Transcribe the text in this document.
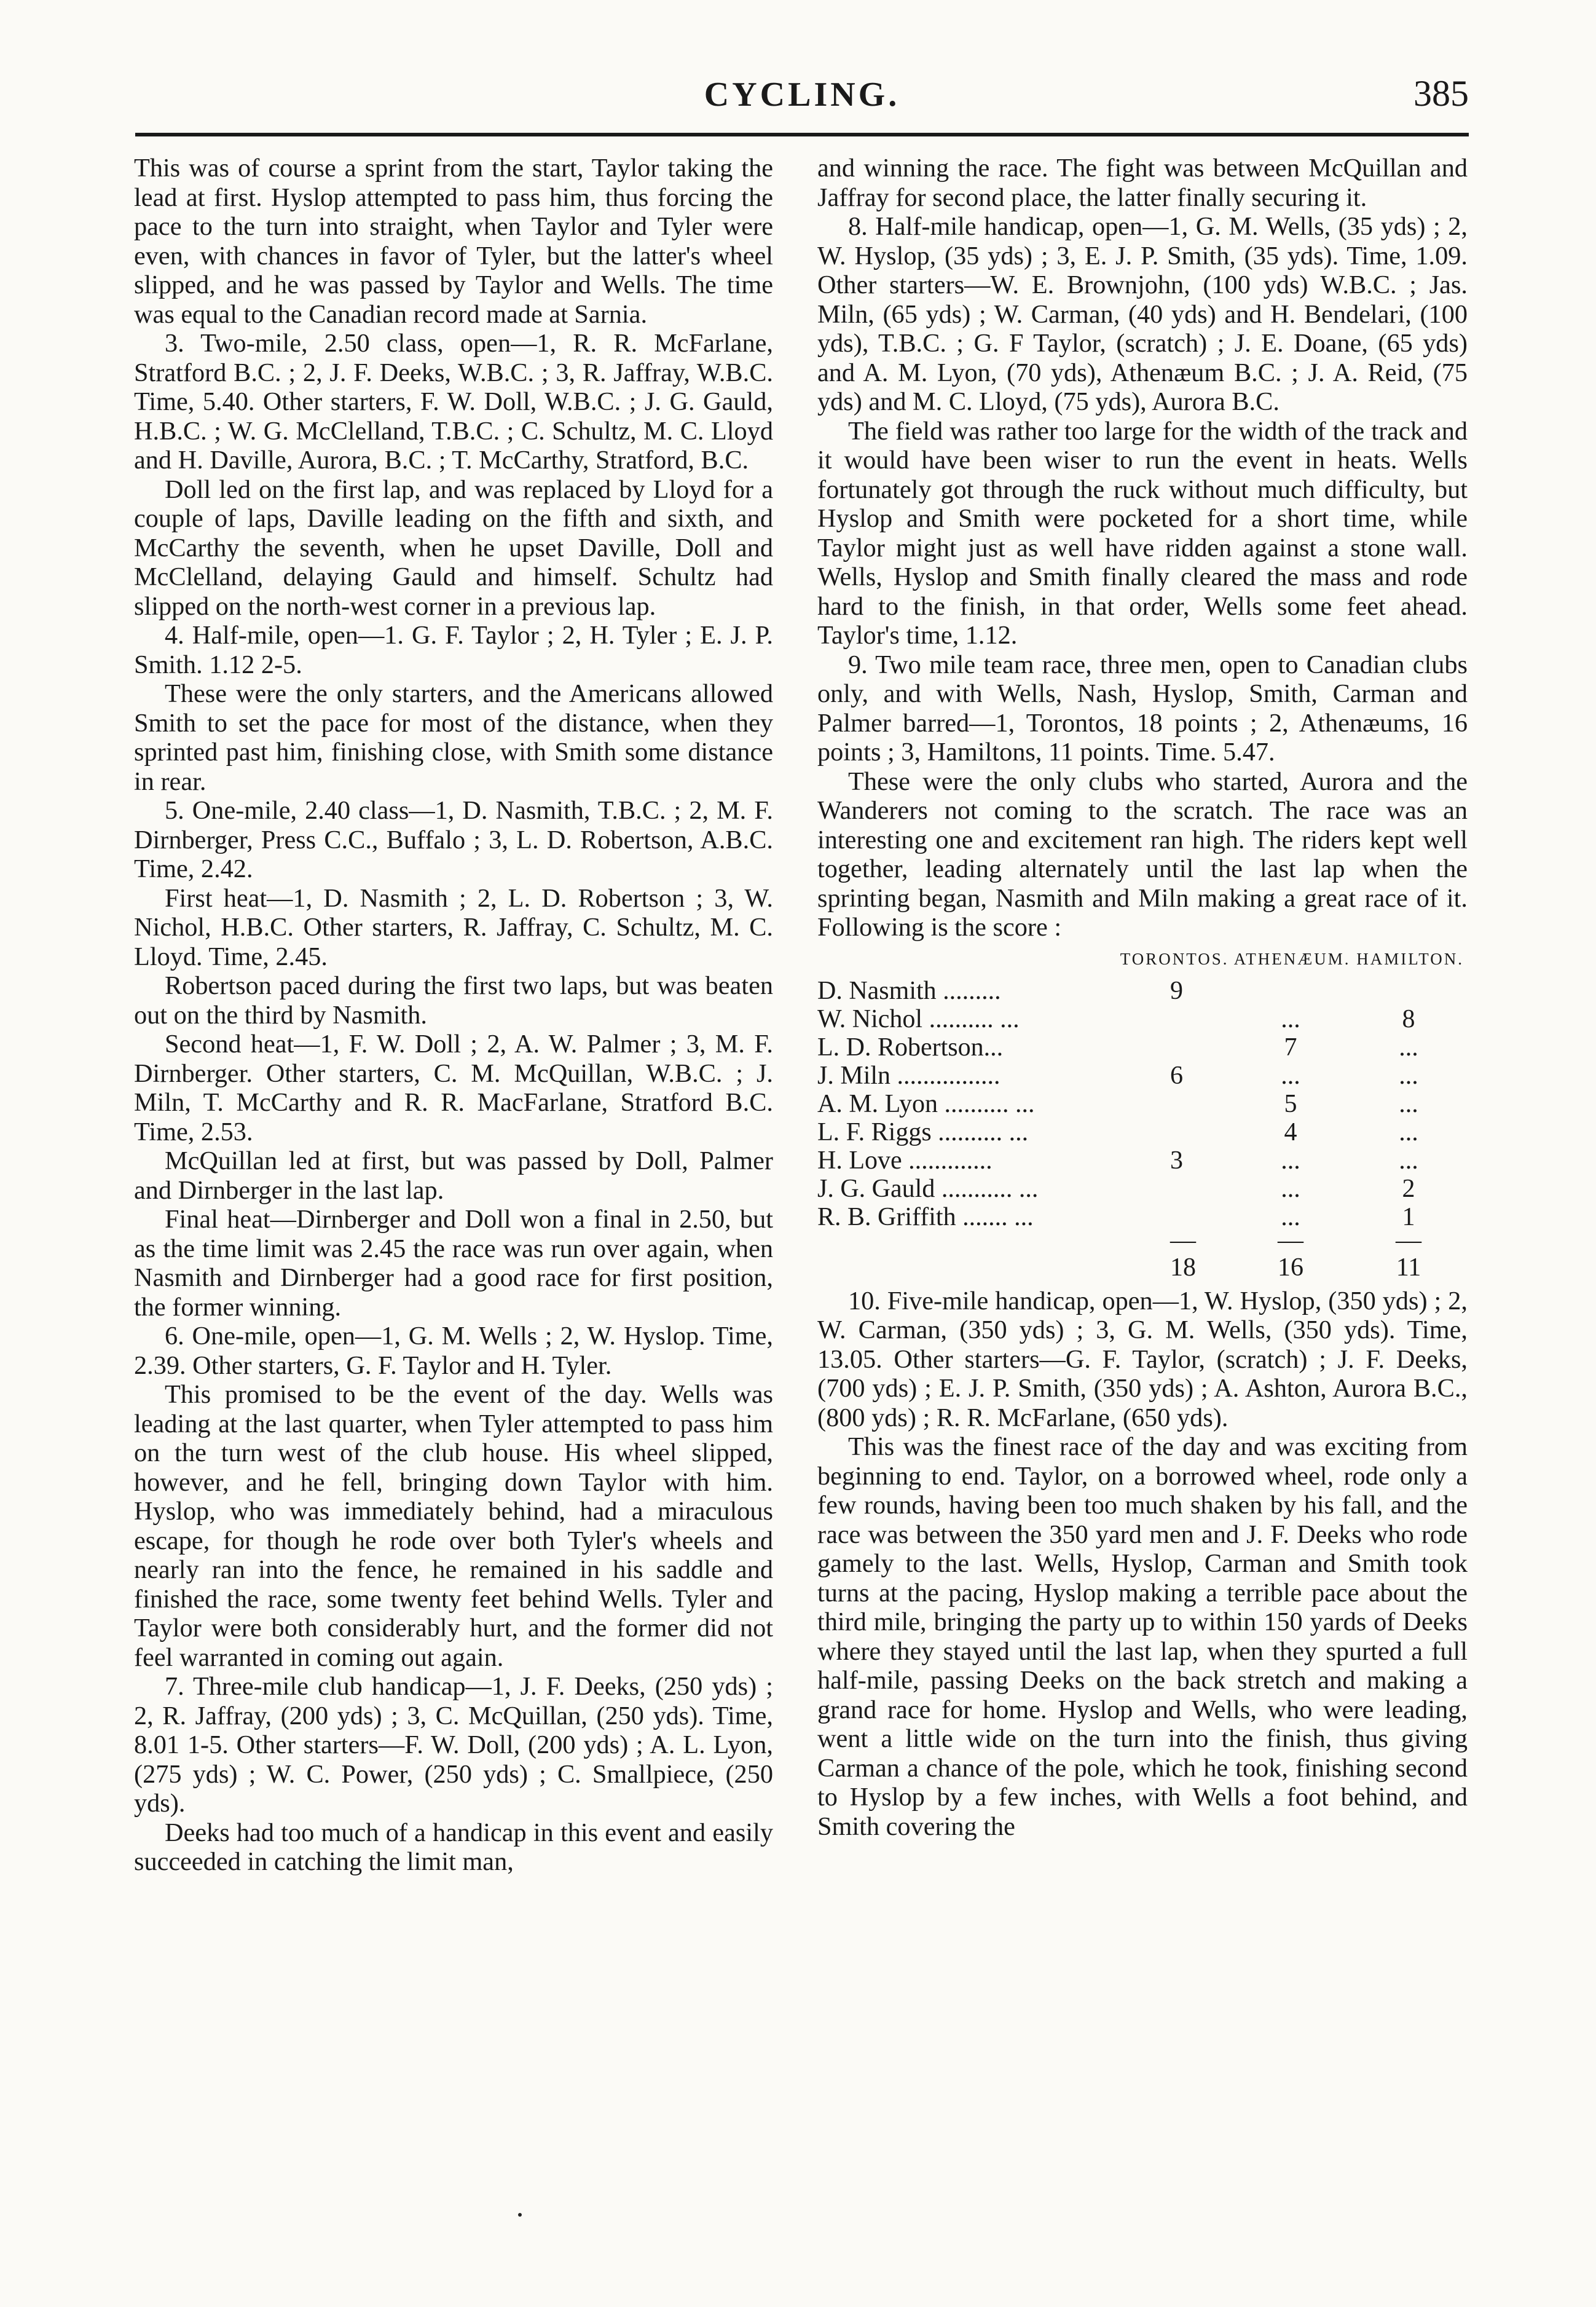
CYCLING.	385

This was of course a sprint from the start, Taylor taking the lead at first. Hyslop attempted to pass him, thus forcing the pace to the turn into straight, when Taylor and Tyler were even, with chances in favor of Tyler, but the latter's wheel slipped, and he was passed by Taylor and Wells. The time was equal to the Canadian record made at Sarnia.

3. Two-mile, 2.50 class, open—1, R. R. McFarlane, Stratford B.C. ; 2, J. F. Deeks, W.B.C. ; 3, R. Jaffray, W.B.C. Time, 5.40. Other starters, F. W. Doll, W.B.C. ; J. G. Gauld, H.B.C. ; W. G. McClelland, T.B.C. ; C. Schultz, M. C. Lloyd and H. Daville, Aurora, B.C. ; T. McCarthy, Stratford, B.C.

Doll led on the first lap, and was replaced by Lloyd for a couple of laps, Daville leading on the fifth and sixth, and McCarthy the seventh, when he upset Daville, Doll and McClelland, delaying Gauld and himself. Schultz had slipped on the north-west corner in a previous lap.

4. Half-mile, open—1. G. F. Taylor ; 2, H. Tyler ; E. J. P. Smith. 1.12 2-5.

These were the only starters, and the Americans allowed Smith to set the pace for most of the distance, when they sprinted past him, finishing close, with Smith some distance in rear.

5. One-mile, 2.40 class—1, D. Nasmith, T.B.C. ; 2, M. F. Dirnberger, Press C.C., Buffalo ; 3, L. D. Robertson, A.B.C. Time, 2.42.

First heat—1, D. Nasmith ; 2, L. D. Robertson ; 3, W. Nichol, H.B.C. Other starters, R. Jaffray, C. Schultz, M. C. Lloyd. Time, 2.45.

Robertson paced during the first two laps, but was beaten out on the third by Nasmith.

Second heat—1, F. W. Doll ; 2, A. W. Palmer ; 3, M. F. Dirnberger. Other starters, C. M. McQuillan, W.B.C. ; J. Miln, T. McCarthy and R. R. MacFarlane, Stratford B.C. Time, 2.53.

McQuillan led at first, but was passed by Doll, Palmer and Dirnberger in the last lap.

Final heat—Dirnberger and Doll won a final in 2.50, but as the time limit was 2.45 the race was run over again, when Nasmith and Dirnberger had a good race for first position, the former winning.

6. One-mile, open—1, G. M. Wells ; 2, W. Hyslop. Time, 2.39. Other starters, G. F. Taylor and H. Tyler.

This promised to be the event of the day. Wells was leading at the last quarter, when Tyler attempted to pass him on the turn west of the club house. His wheel slipped, however, and he fell, bringing down Taylor with him. Hyslop, who was immediately behind, had a miraculous escape, for though he rode over both Tyler's wheels and nearly ran into the fence, he remained in his saddle and finished the race, some twenty feet behind Wells. Tyler and Taylor were both considerably hurt, and the former did not feel warranted in coming out again.

7. Three-mile club handicap—1, J. F. Deeks, (250 yds) ; 2, R. Jaffray, (200 yds) ; 3, C. McQuillan, (250 yds). Time, 8.01 1-5. Other starters—F. W. Doll, (200 yds) ; A. L. Lyon, (275 yds) ; W. C. Power, (250 yds) ; C. Smallpiece, (250 yds).

Deeks had too much of a handicap in this event and easily succeeded in catching the limit man,

and winning the race. The fight was between McQuillan and Jaffray for second place, the latter finally securing it.

8. Half-mile handicap, open—1, G. M. Wells, (35 yds) ; 2, W. Hyslop, (35 yds) ; 3, E. J. P. Smith, (35 yds). Time, 1.09. Other starters—W. E. Brownjohn, (100 yds) W.B.C. ; Jas. Miln, (65 yds) ; W. Carman, (40 yds) and H. Bendelari, (100 yds), T.B.C. ; G. F Taylor, (scratch) ; J. E. Doane, (65 yds) and A. M. Lyon, (70 yds), Athenæum B.C. ; J. A. Reid, (75 yds) and M. C. Lloyd, (75 yds), Aurora B.C.

The field was rather too large for the width of the track and it would have been wiser to run the event in heats. Wells fortunately got through the ruck without much difficulty, but Hyslop and Smith were pocketed for a short time, while Taylor might just as well have ridden against a stone wall. Wells, Hyslop and Smith finally cleared the mass and rode hard to the finish, in that order, Wells some feet ahead. Taylor's time, 1.12.

9. Two mile team race, three men, open to Canadian clubs only, and with Wells, Nash, Hyslop, Smith, Carman and Palmer barred—1, Torontos, 18 points ; 2, Athenæums, 16 points ; 3, Hamiltons, 11 points. Time. 5.47.

These were the only clubs who started, Aurora and the Wanderers not coming to the scratch. The race was an interesting one and excitement ran high. The riders kept well together, leading alternately until the last lap when the sprinting began, Nasmith and Miln making a great race of it. Following is the score :

TORONTOS. ATHENÆUM. HAMILTON.
D. Nasmith .........	9		
W. Nichol .......... ...		...	8
L. D. Robertson...		7	...
J. Miln ................	6	...	...
A. M. Lyon .......... ...		5	...
L. F. Riggs .......... ...		4	...
H. Love .............	3	...	...
J. G. Gauld ........... ...		...	2
R. B. Griffith ....... ...		...	1
	—	—	—
	18	16	11

10. Five-mile handicap, open—1, W. Hyslop, (350 yds) ; 2, W. Carman, (350 yds) ; 3, G. M. Wells, (350 yds). Time, 13.05. Other starters—G. F. Taylor, (scratch) ; J. F. Deeks, (700 yds) ; E. J. P. Smith, (350 yds) ; A. Ashton, Aurora B.C., (800 yds) ; R. R. McFarlane, (650 yds).

This was the finest race of the day and was exciting from beginning to end. Taylor, on a borrowed wheel, rode only a few rounds, having been too much shaken by his fall, and the race was between the 350 yard men and J. F. Deeks who rode gamely to the last. Wells, Hyslop, Carman and Smith took turns at the pacing, Hyslop making a terrible pace about the third mile, bringing the party up to within 150 yards of Deeks where they stayed until the last lap, when they spurted a full half-mile, passing Deeks on the back stretch and making a grand race for home. Hyslop and Wells, who were leading, went a little wide on the turn into the finish, thus giving Carman a chance of the pole, which he took, finishing second to Hyslop by a few inches, with Wells a foot behind, and Smith covering the
